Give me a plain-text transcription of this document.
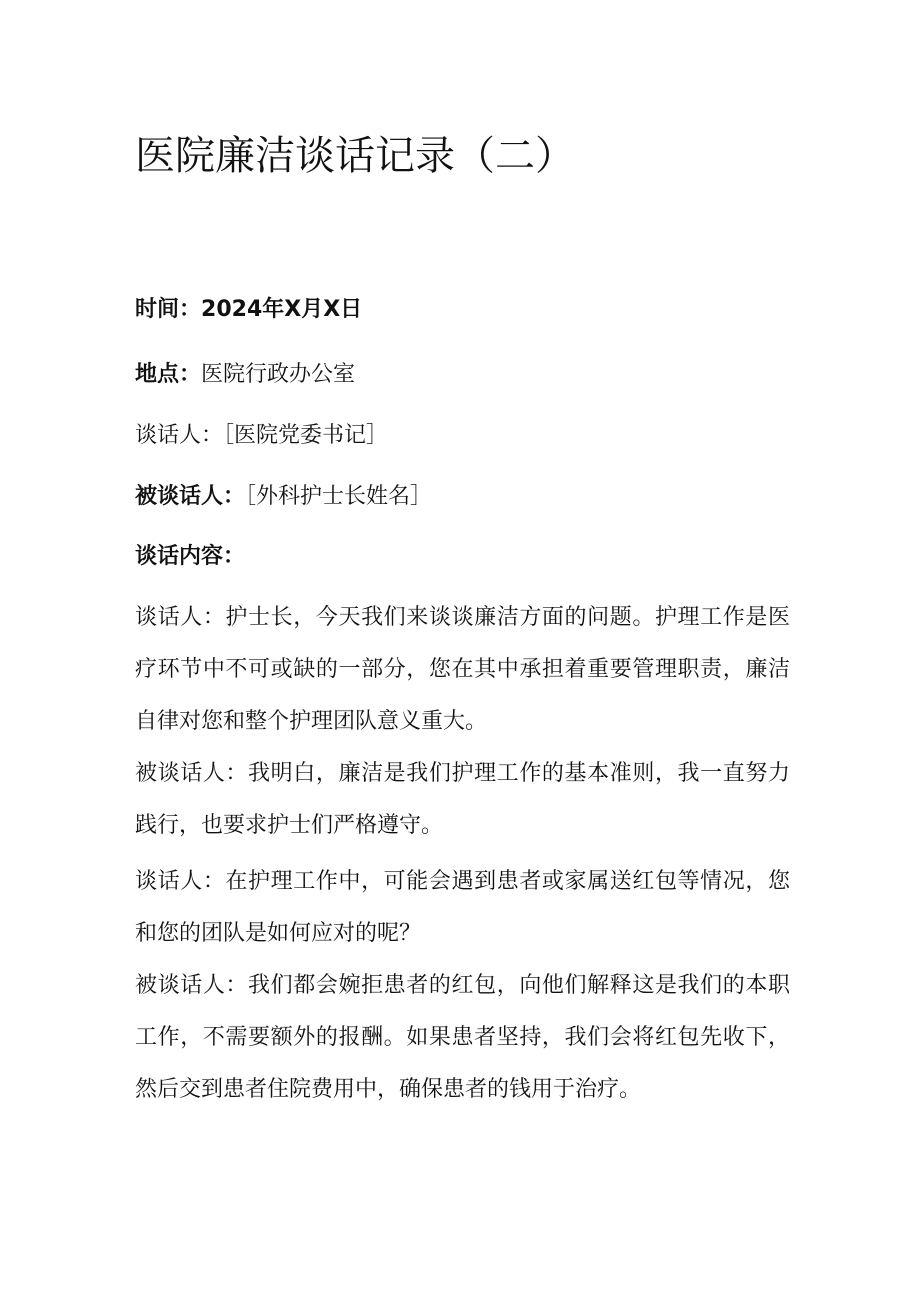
医院廉洁谈话记录（二）

时间：2024年X月X日

地点：医院行政办公室

谈话人：［医院党委书记］

被谈话人：［外科护士长姓名］

谈话内容：

谈话人：护士长，今天我们来谈谈廉洁方面的问题。护理工作是医疗环节中不可或缺的一部分，您在其中承担着重要管理职责，廉洁自律对您和整个护理团队意义重大。

被谈话人：我明白，廉洁是我们护理工作的基本准则，我一直努力践行，也要求护士们严格遵守。

谈话人：在护理工作中，可能会遇到患者或家属送红包等情况，您和您的团队是如何应对的呢？

被谈话人：我们都会婉拒患者的红包，向他们解释这是我们的本职工作，不需要额外的报酬。如果患者坚持，我们会将红包先收下，然后交到患者住院费用中，确保患者的钱用于治疗。
